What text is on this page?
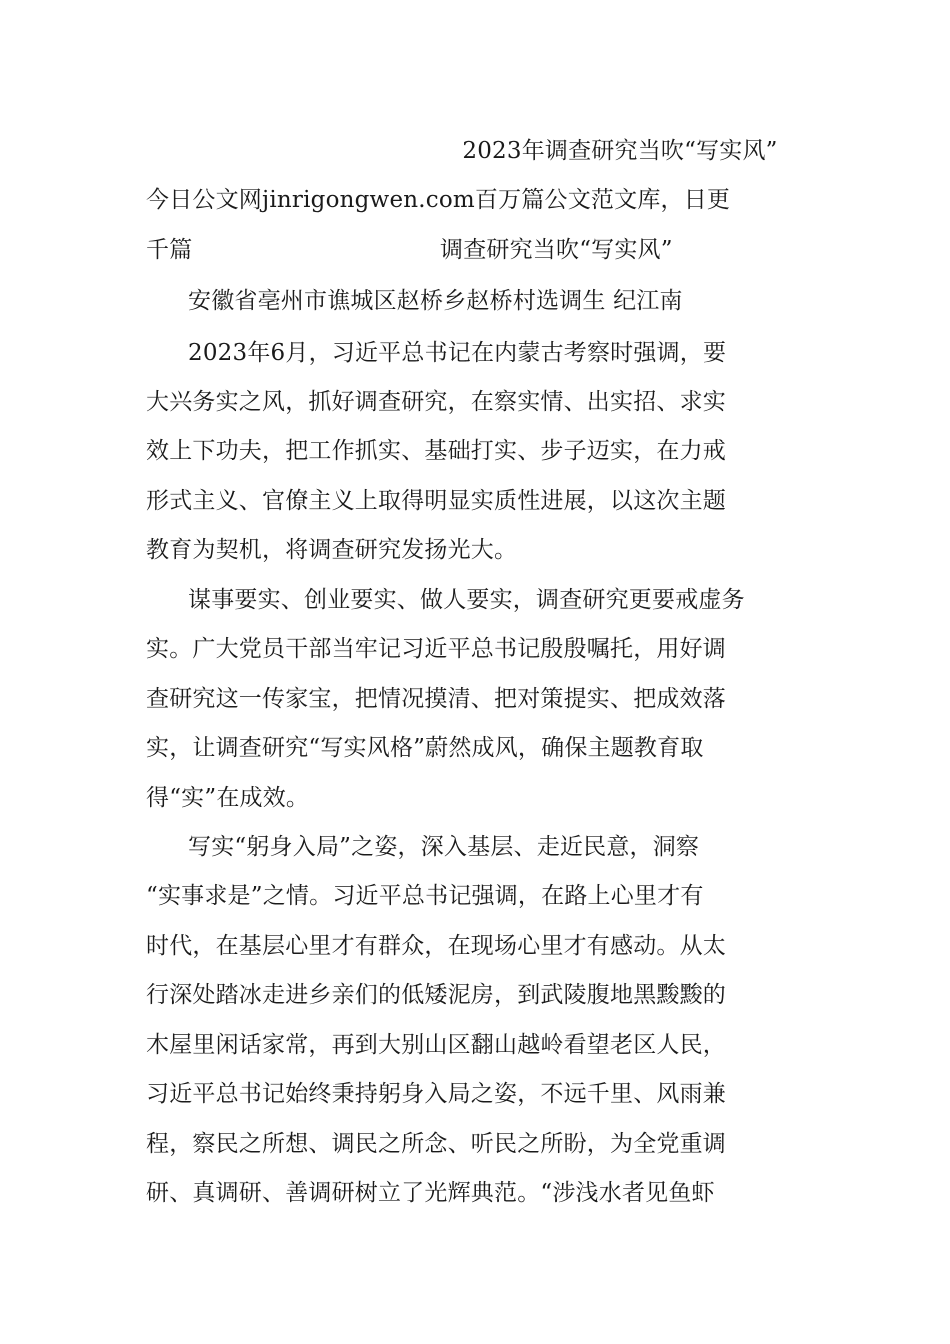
2023年调查研究当吹“写实风”
今日公文网jinrigongwen.com百万篇公文范文库，日更
千篇	调查研究当吹“写实风”
安徽省亳州市谯城区赵桥乡赵桥村选调生 纪江南
2023年6月，习近平总书记在内蒙古考察时强调，要
大兴务实之风，抓好调查研究，在察实情、出实招、求实
效上下功夫，把工作抓实、基础打实、步子迈实，在力戒
形式主义、官僚主义上取得明显实质性进展，以这次主题
教育为契机，将调查研究发扬光大。
谋事要实、创业要实、做人要实，调查研究更要戒虚务
实。广大党员干部当牢记习近平总书记殷殷嘱托，用好调
查研究这一传家宝，把情况摸清、把对策提实、把成效落
实，让调查研究“写实风格”蔚然成风，确保主题教育取
得“实”在成效。
写实“躬身入局”之姿，深入基层、走近民意，洞察
“实事求是”之情。习近平总书记强调，在路上心里才有
时代，在基层心里才有群众，在现场心里才有感动。从太
行深处踏冰走进乡亲们的低矮泥房，到武陵腹地黑黢黢的
木屋里闲话家常，再到大别山区翻山越岭看望老区人民，
习近平总书记始终秉持躬身入局之姿，不远千里、风雨兼
程，察民之所想、调民之所念、听民之所盼，为全党重调
研、真调研、善调研树立了光辉典范。“涉浅水者见鱼虾
